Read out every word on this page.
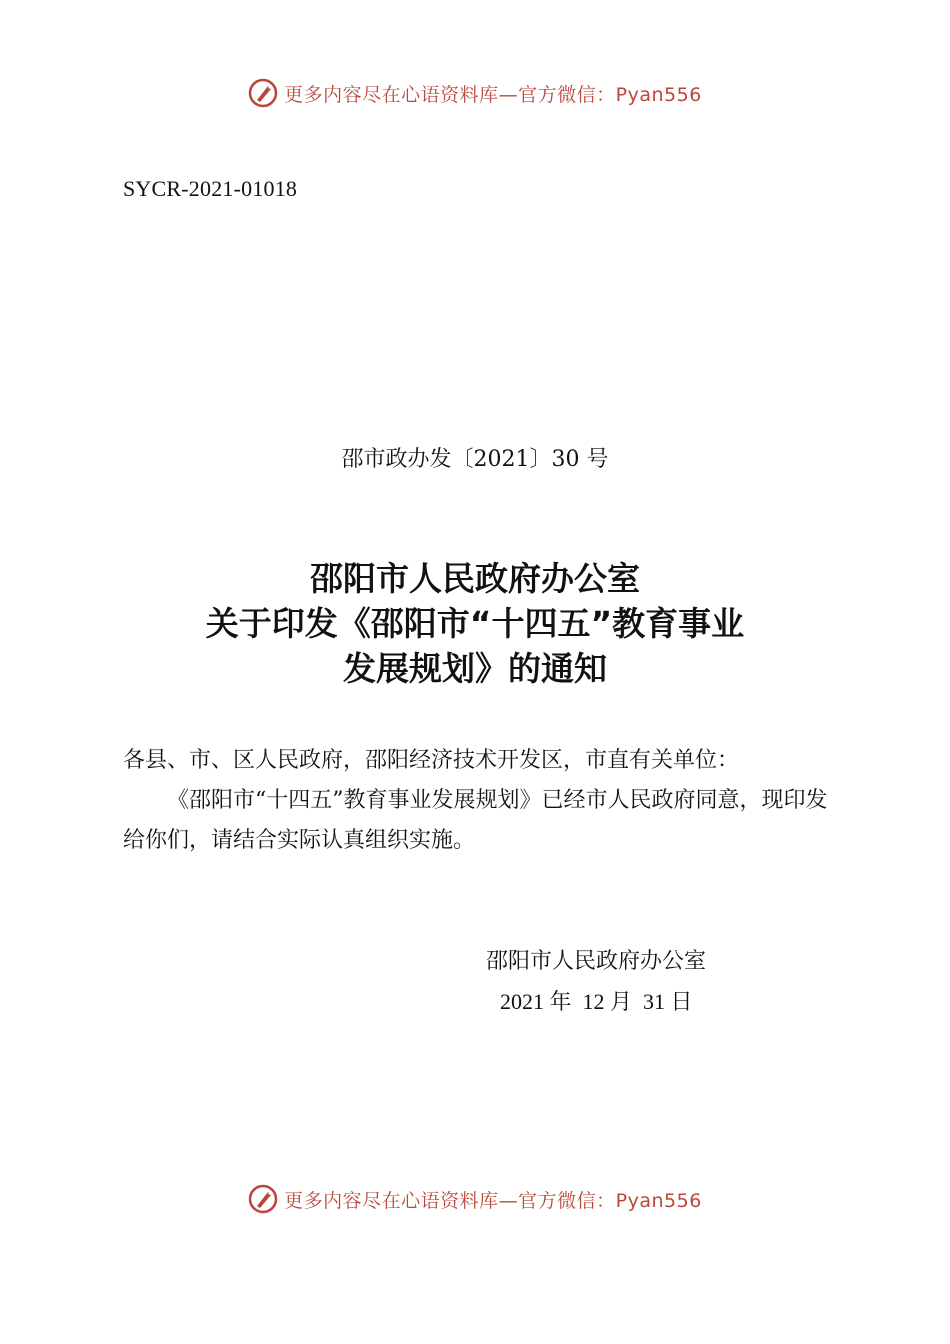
更多内容尽在心语资料库—官方微信：Pyan556
SYCR-2021-01018
邵市政办发〔2021〕30 号
邵阳市人民政府办公室
关于印发《邵阳市“十四五”教育事业
发展规划》的通知

各县、市、区人民政府，邵阳经济技术开发区，市直有关单位：

《邵阳市“十四五”教育事业发展规划》已经市人民政府同意，现印发给你们，请结合实际认真组织实施。

邵阳市人民政府办公室
2021 年  12 月  31 日
更多内容尽在心语资料库—官方微信：Pyan556
